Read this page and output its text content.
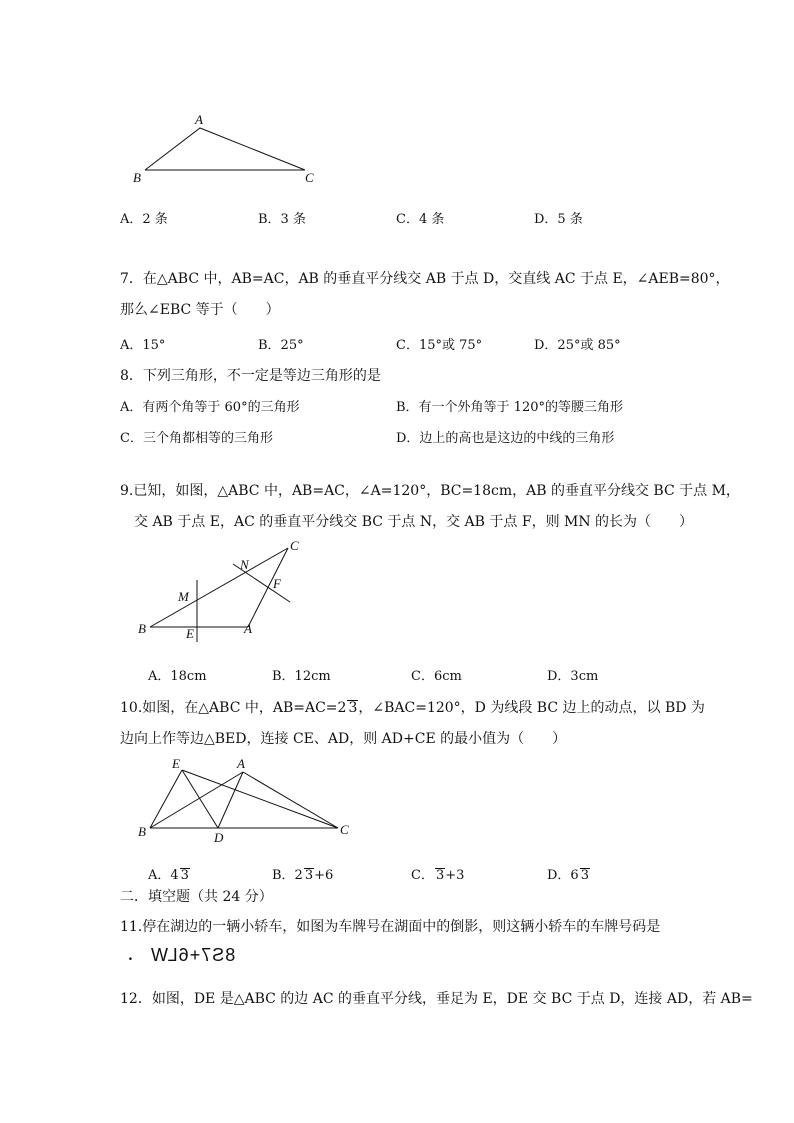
A
B	C
A．2 条	B．3 条	C．4 条	D．5 条
7．在△ABC 中，AB=AC，AB 的垂直平分线交 AB 于点 D，交直线 AC 于点 E，∠AEB=80°，
那么∠EBC 等于（　　）
A．15°	B．25°	C．15°或 75°	D．25°或 85°
8．下列三角形，不一定是等边三角形的是
A．有两个角等于 60°的三角形	B．有一个外角等于 120°的等腰三角形
C．三个角都相等的三角形	D．边上的高也是这边的中线的三角形
9.已知，如图，△ABC 中，AB=AC，∠A=120°，BC=18cm，AB 的垂直平分线交 BC 于点 M，
交 AB 于点 E，AC 的垂直平分线交 BC 于点 N，交 AB 于点 F，则 MN 的长为（　　）
B	A
C
M
E
N
F
A．18cm	B．12cm	C．6cm	D．3cm
10.如图，在△ABC 中，AB=AC=2 3，∠BAC=120°，D 为线段 BC 边上的动点，以 BD 为
边向上作等边△BED，连接 CE、AD，则 AD+CE 的最小值为（　　）
E	A
B	D
C
A．4 3	B．2 3+6	C． 3+3	D．6 3
二．填空题（共 24 分）
11.停在湖边的一辆小轿车，如图为车牌号在湖面中的倒影，则这辆小轿车的车牌号码是
. 8S7+6LW
12．如图，DE 是△ABC 的边 AC 的垂直平分线，垂足为 E，DE 交 BC 于点 D，连接 AD，若 AB=
